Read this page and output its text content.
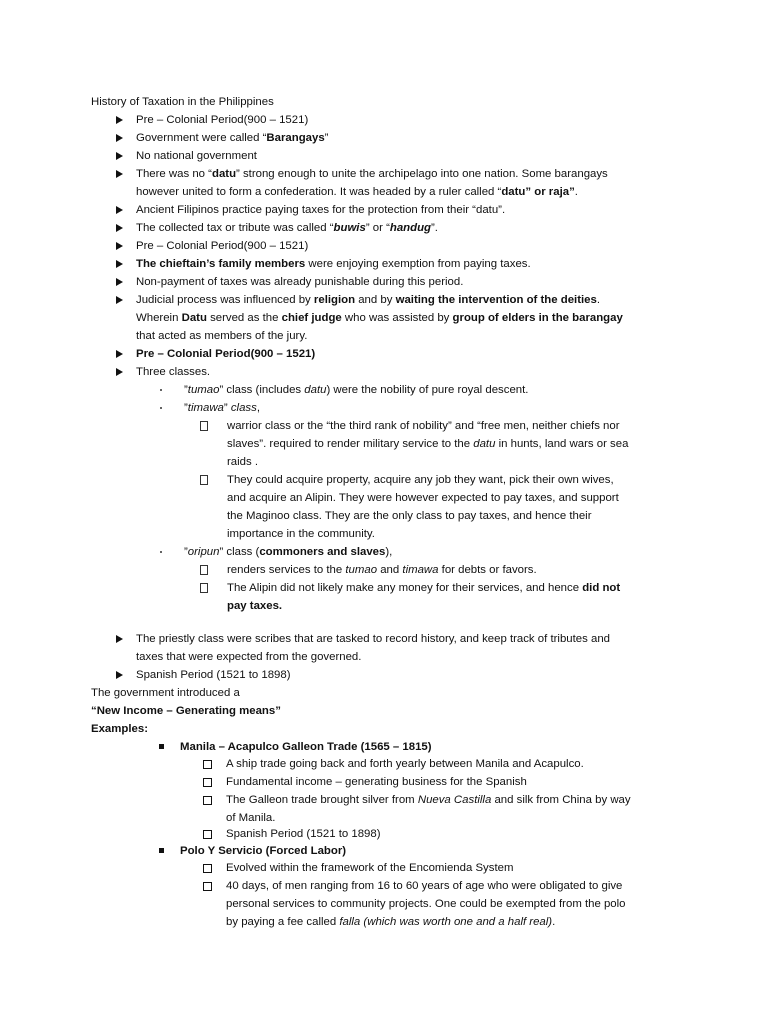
History of Taxation in the Philippines
Pre – Colonial Period(900 – 1521)
Government were called “Barangays”
No national government
There was no “datu” strong enough to unite the archipelago into one nation. Some barangays
however united to form a confederation. It was headed by a ruler called “datu” or raja”.
Ancient Filipinos practice paying taxes for the protection from their “datu”.
The collected tax or tribute was called “buwis” or “handug”.
Pre – Colonial Period(900 – 1521)
The chieftain’s family members were enjoying exemption from paying taxes.
Non-payment of taxes was already punishable during this period.
Judicial process was influenced by religion and by waiting the intervention of the deities.
Wherein Datu served as the chief judge who was assisted by group of elders in the barangay
that acted as members of the jury.
Pre – Colonial Period(900 – 1521)
Three classes.
”tumao” class (includes datu) were the nobility of pure royal descent.
”timawa” class,
warrior class or the “the third rank of nobility” and “free men, neither chiefs nor
slaves”. required to render military service to the datu in hunts, land wars or sea
raids .
They could acquire property, acquire any job they want, pick their own wives,
and acquire an Alipin. They were however expected to pay taxes, and support
the Maginoo class. They are the only class to pay taxes, and hence their
importance in the community.
”oripun” class (commoners and slaves),
renders services to the tumao and timawa for debts or favors.
The Alipin did not likely make any money for their services, and hence did not
pay taxes.
The priestly class were scribes that are tasked to record history, and keep track of tributes and
taxes that were expected from the governed.
Spanish Period (1521 to 1898)
The government introduced a
“New Income – Generating means”
Examples:
Manila – Acapulco Galleon Trade (1565 – 1815)
A ship trade going back and forth yearly between Manila and Acapulco.
Fundamental income – generating business for the Spanish
The Galleon trade brought silver from Nueva Castilla and silk from China by way
of Manila.
Spanish Period (1521 to 1898)
Polo Y Servicio (Forced Labor)
Evolved within the framework of the Encomienda System
40 days, of men ranging from 16 to 60 years of age who were obligated to give
personal services to community projects. One could be exempted from the polo
by paying a fee called falla (which was worth one and a half real).
